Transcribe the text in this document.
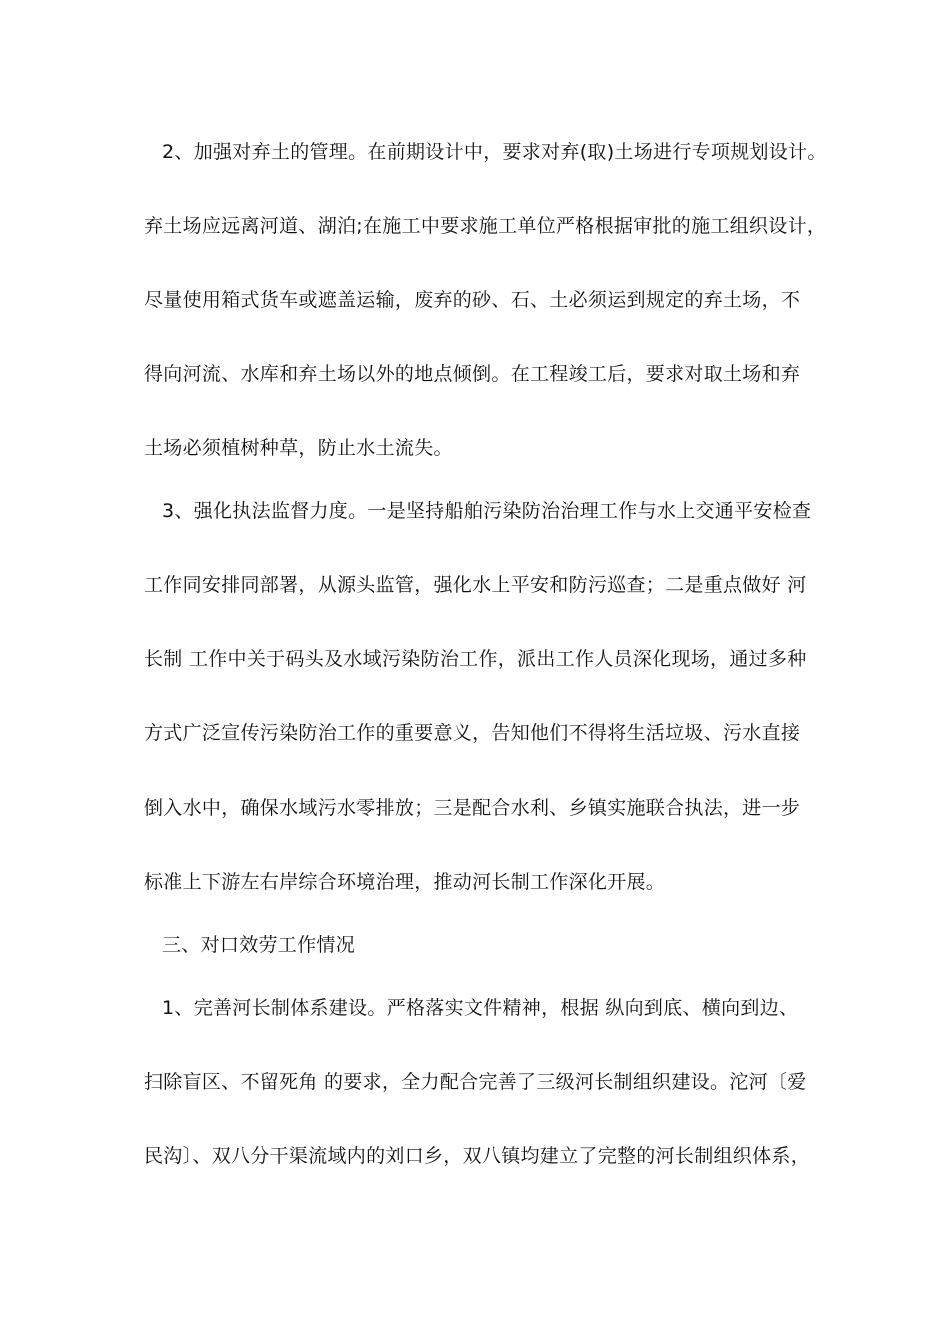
2、加强对弃土的管理。在前期设计中，要求对弃(取)土场进行专项规划设计。
弃土场应远离河道、湖泊;在施工中要求施工单位严格根据审批的施工组织设计，
尽量使用箱式货车或遮盖运输，废弃的砂、石、土必须运到规定的弃土场，不
得向河流、水库和弃土场以外的地点倾倒。在工程竣工后，要求对取土场和弃
土场必须植树种草，防止水土流失。
3、强化执法监督力度。一是坚持船舶污染防治治理工作与水上交通平安检查
工作同安排同部署，从源头监管，强化水上平安和防污巡查；二是重点做好 河
长制 工作中关于码头及水域污染防治工作，派出工作人员深化现场，通过多种
方式广泛宣传污染防治工作的重要意义，告知他们不得将生活垃圾、污水直接
倒入水中，确保水域污水零排放；三是配合水利、乡镇实施联合执法，进一步
标准上下游左右岸综合环境治理，推动河长制工作深化开展。
三、对口效劳工作情况
1、完善河长制体系建设。严格落实文件精神，根据 纵向到底、横向到边、
扫除盲区、不留死角 的要求，全力配合完善了三级河长制组织建设。沱河〔爱
民沟〕、双八分干渠流域内的刘口乡，双八镇均建立了完整的河长制组织体系，
